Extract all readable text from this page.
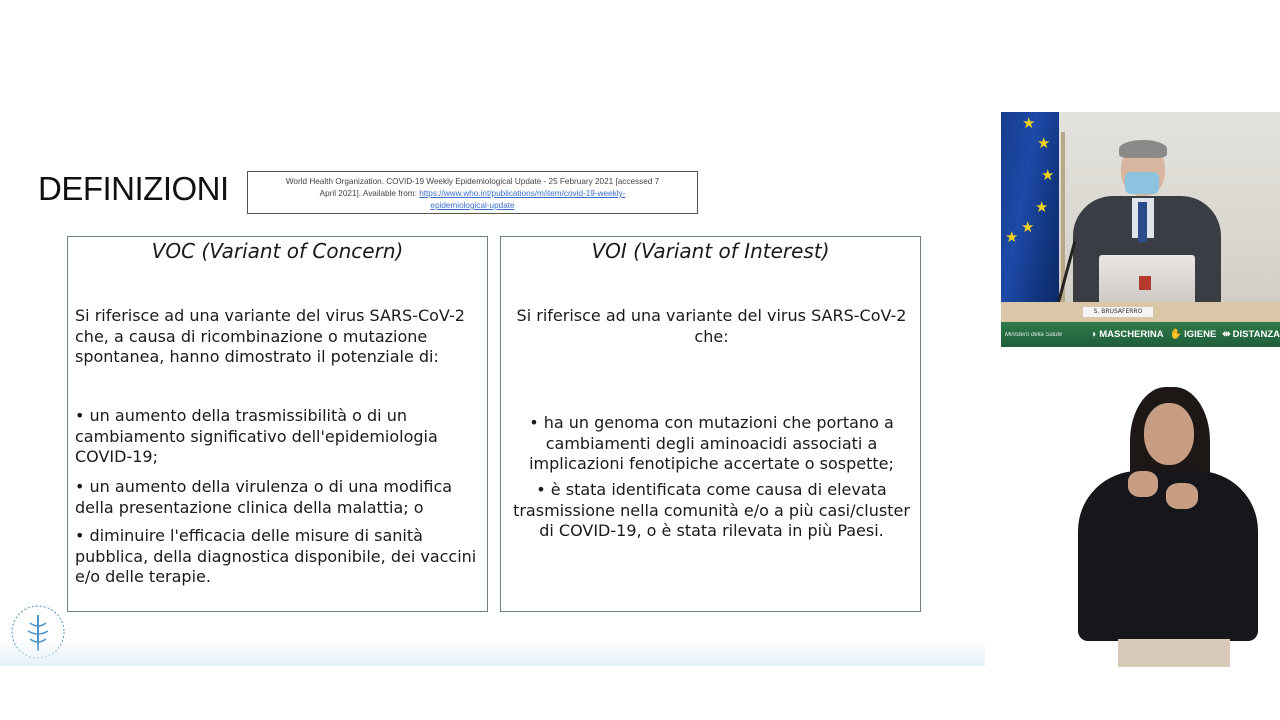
DEFINIZIONI	World Health Organization. COVID-19 Weekly Epidemiological Update - 25 February 2021 [accessed 7
April 2021]. Available from: https://www.who.int/publications/m/item/covid-19-weekly-
epidemiological-update
VOC (Variant of Concern)
Si riferisce ad una variante del virus SARS-CoV-2 che, a causa di ricombinazione o mutazione spontanea, hanno dimostrato il potenziale di:
• un aumento della trasmissibilità o di un cambiamento significativo dell'epidemiologia COVID-19;
• un aumento della virulenza o di una modifica della presentazione clinica della malattia; o
• diminuire l'efficacia delle misure di sanità pubblica, della diagnostica disponibile, dei vaccini e/o delle terapie.
VOI (Variant of Interest)
Si riferisce ad una variante del virus SARS-CoV-2 che:
• ha un genoma con mutazioni che portano a cambiamenti degli aminoacidi associati a implicazioni fenotipiche accertate o sospette;
• è stata identificata come causa di elevata trasmissione nella comunità e/o a più casi/cluster di COVID-19, o è stata rilevata in più Paesi.
★
★
★
★
★
★
S. BRUSAFERRO
Ministero della Salute	◗ MASCHERINA ✋ IGIENE ⇹ DISTANZA
